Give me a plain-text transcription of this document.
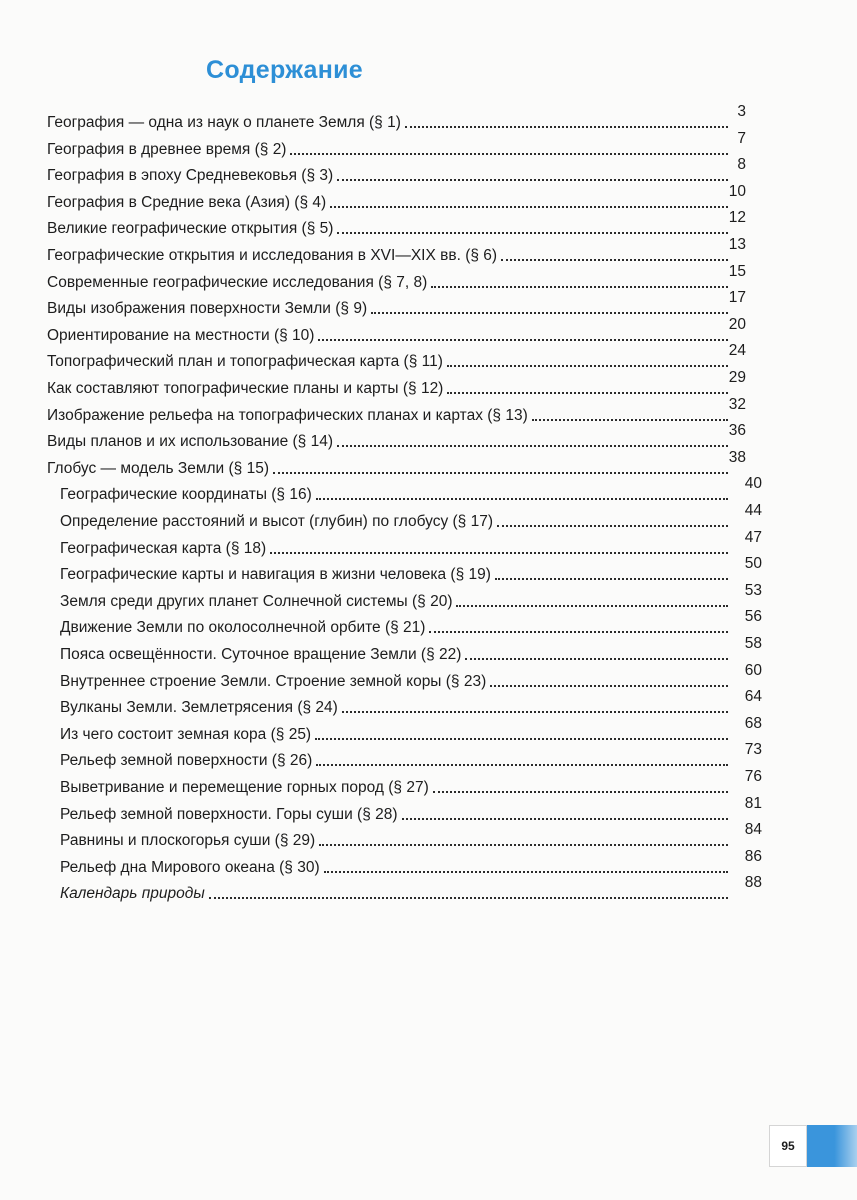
Содержание
География — одна из наук о планете Земля (§ 1)
3
География в древнее время (§ 2)
7
География в эпоху Средневековья (§ 3)
8
География в Средние века (Азия) (§ 4)
10
Великие географические открытия (§ 5)
12
Географические открытия и исследования в XVI—XIX вв. (§ 6)
13
Современные географические исследования (§ 7, 8)
15
Виды изображения поверхности Земли (§ 9)
17
Ориентирование на местности (§ 10)
20
Топографический план и топографическая карта (§ 11)
24
Как составляют топографические планы и карты (§ 12)
29
Изображение рельефа на топографических планах и картах (§ 13)
32
Виды планов и их использование (§ 14)
36
Глобус — модель Земли (§ 15)
38
Географические координаты (§ 16)
40
Определение расстояний и высот (глубин) по глобусу (§ 17)
44
Географическая карта (§ 18)
47
Географические карты и навигация в жизни человека (§ 19)
50
Земля среди других планет Солнечной системы (§ 20)
53
Движение Земли по околосолнечной орбите (§ 21)
56
Пояса освещённости. Суточное вращение Земли (§ 22)
58
Внутреннее строение Земли. Строение земной коры (§ 23)
60
Вулканы Земли. Землетрясения (§ 24)
64
Из чего состоит земная кора (§ 25)
68
Рельеф земной поверхности (§ 26)
73
Выветривание и перемещение горных пород (§ 27)
76
Рельеф земной поверхности. Горы суши (§ 28)
81
Равнины и плоскогорья суши (§ 29)
84
Рельеф дна Мирового океана (§ 30)
86
Календарь природы
88
95
